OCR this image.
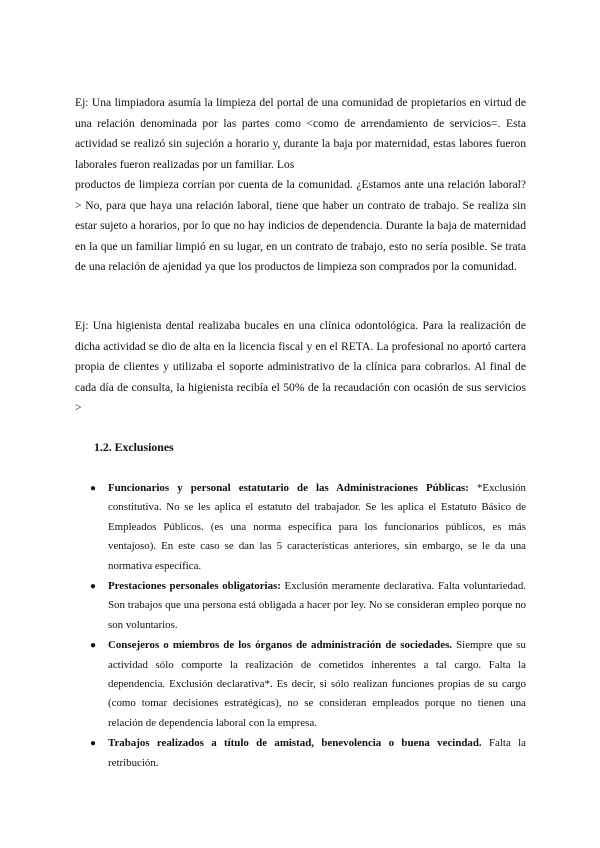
Ej: Una limpiadora asumía la limpieza del portal de una comunidad de propietarios en virtud de una relación denominada por las partes como <como de arrendamiento de servicios=. Esta actividad se realizó sin sujeción a horario y, durante la baja por maternidad, estas labores fueron laborales fueron realizadas por un familiar. Los

productos de limpieza corrían por cuenta de la comunidad. ¿Estamos ante una relación laboral? > No, para que haya una relación laboral, tiene que haber un contrato de trabajo. Se realiza sin estar sujeto a horarios, por lo que no hay indicios de dependencia. Durante la baja de maternidad en la que un familiar limpió en su lugar, en un contrato de trabajo, esto no sería posible. Se trata de una relación de ajenidad ya que los productos de limpieza son comprados por la comunidad.

Ej: Una higienista dental realizaba bucales en una clínica odontológica. Para la realización de dicha actividad se dio de alta en la licencia fiscal y en el RETA. La profesional no aportó cartera propia de clientes y utilizaba el soporte administrativo de la clínica para cobrarlos. Al final de cada día de consulta, la higienista recibía el 50% de la recaudación con ocasión de sus servicios >

1.2. Exclusiones
● Funcionarios y personal estatutario de las Administraciones Públicas: *Exclusión constitutiva. No se les aplica el estatuto del trabajador. Se les aplica el Estatuto Básico de Empleados Públicos. (es una norma específica para los funcionarios públicos, es más ventajoso). En este caso se dan las 5 características anteriores, sin embargo, se le da una normativa específica.
● Prestaciones personales obligatorias: Exclusión meramente declarativa. Falta voluntariedad. Son trabajos que una persona está obligada a hacer por ley. No se consideran empleo porque no son voluntarios.
● Consejeros o miembros de los órganos de administración de sociedades. Siempre que su actividad sólo comporte la realización de cometidos inherentes a tal cargo. Falta la dependencia. Exclusión declarativa*. Es decir, si sólo realizan funciones propias de su cargo (como tomar decisiones estratégicas), no se consideran empleados porque no tienen una relación de dependencia laboral con la empresa.
● Trabajos realizados a título de amistad, benevolencia o buena vecindad. Falta la retribución.
